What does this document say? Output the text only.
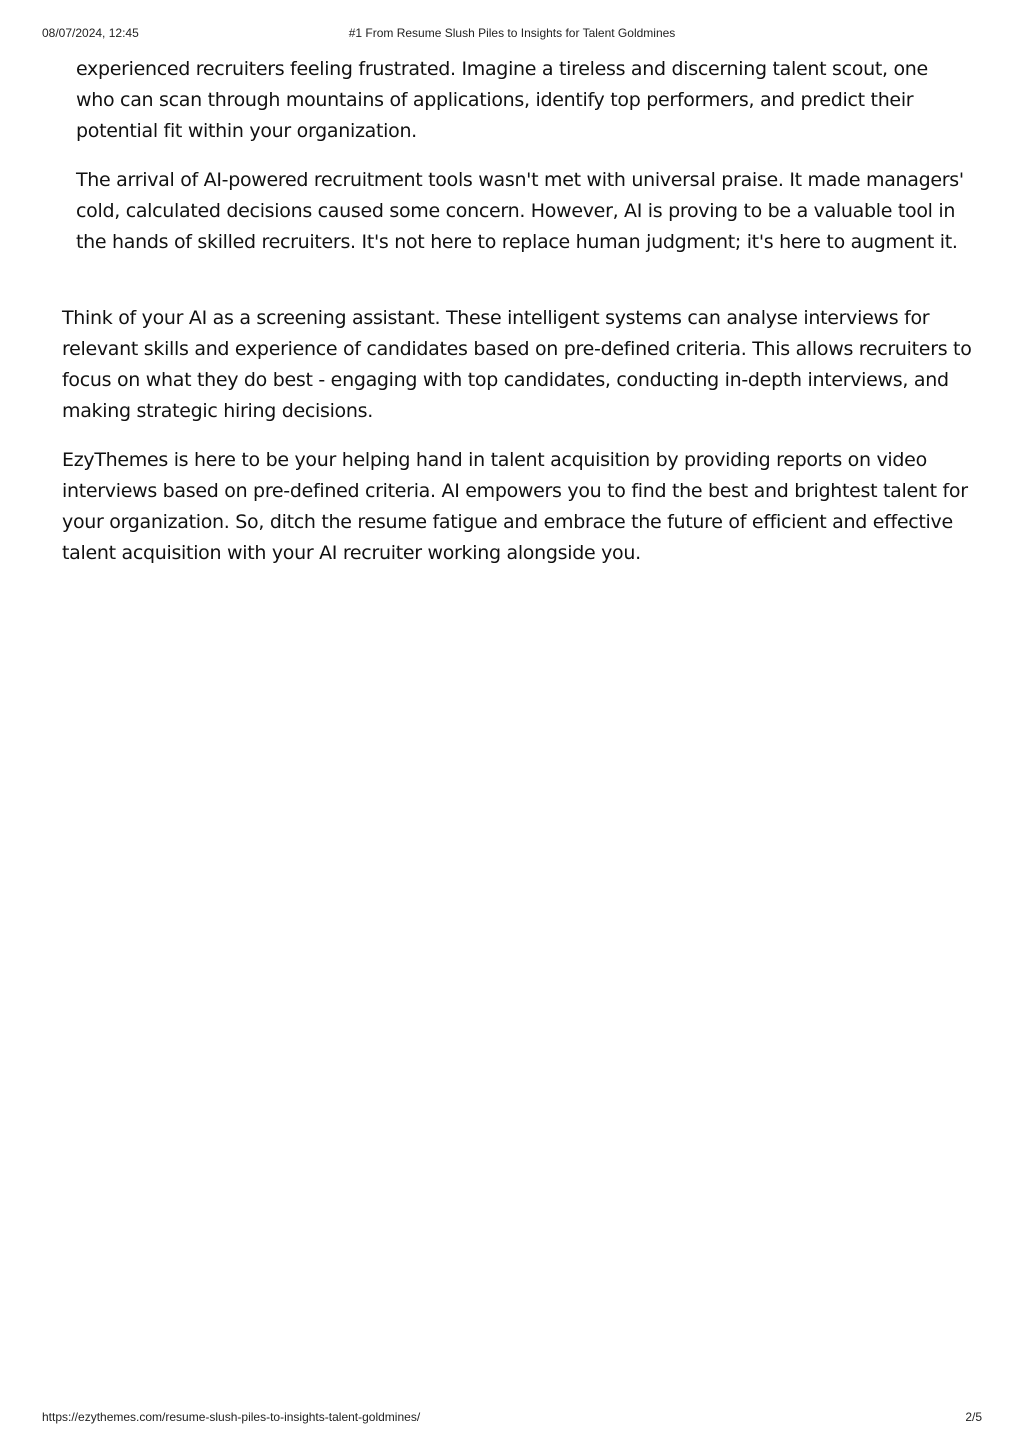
08/07/2024, 12:45	#1 From Resume Slush Piles to Insights for Talent Goldmines

experienced recruiters feeling frustrated. Imagine a tireless and discerning talent scout, one who can scan through mountains of applications, identify top performers, and predict their potential fit within your organization.

The arrival of AI-powered recruitment tools wasn't met with universal praise. It made managers' cold, calculated decisions caused some concern. However, AI is proving to be a valuable tool in the hands of skilled recruiters. It's not here to replace human judgment; it's here to augment it.

Think of your AI as a screening assistant. These intelligent systems can analyse interviews for relevant skills and experience of candidates based on pre-defined criteria. This allows recruiters to focus on what they do best - engaging with top candidates, conducting in-depth interviews, and making strategic hiring decisions.

EzyThemes is here to be your helping hand in talent acquisition by providing reports on video interviews based on pre-defined criteria. AI empowers you to find the best and brightest talent for your organization. So, ditch the resume fatigue and embrace the future of efficient and effective talent acquisition with your AI recruiter working alongside you.

https://ezythemes.com/resume-slush-piles-to-insights-talent-goldmines/	2/5
